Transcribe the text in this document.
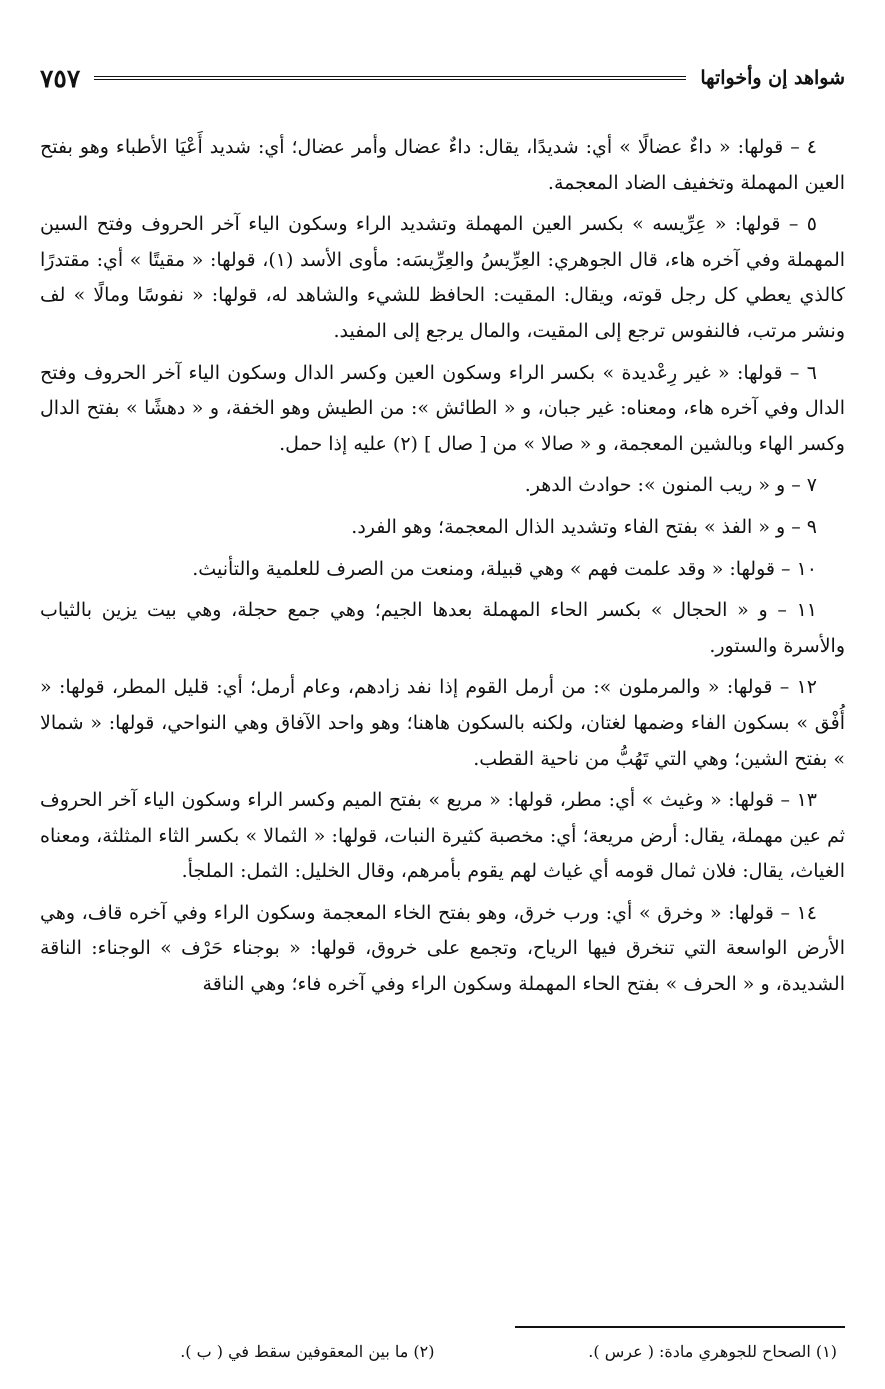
شواهد إن وأخواتها
٧٥٧

٤ – قولها: « داءٌ عضالًا » أي: شديدًا، يقال: داءٌ عضال وأمر عضال؛ أي: شديد أَعْيَا الأطباء وهو بفتح العين المهملة وتخفيف الضاد المعجمة.

٥ – قولها: « عِرِّيسه » بكسر العين المهملة وتشديد الراء وسكون الياء آخر الحروف وفتح السين المهملة وفي آخره هاء، قال الجوهري: العِرِّيسُ والعِرِّيسَه: مأوى الأسد (١)، قولها: « مقيتًا » أي: مقتدرًا كالذي يعطي كل رجل قوته، ويقال: المقيت: الحافظ للشيء والشاهد له، قولها: « نفوسًا ومالًا » لف ونشر مرتب، فالنفوس ترجع إلى المقيت، والمال يرجع إلى المفيد.

٦ – قولها: « غير رِعْديدة » بكسر الراء وسكون العين وكسر الدال وسكون الياء آخر الحروف وفتح الدال وفي آخره هاء، ومعناه: غير جبان، و « الطائش »: من الطيش وهو الخفة، و « دهشًا » بفتح الدال وكسر الهاء وبالشين المعجمة، و « صالا » من [ صال ] (٢) عليه إذا حمل.

٧ – و « ريب المنون »: حوادث الدهر.

٩ – و « الفذ » بفتح الفاء وتشديد الذال المعجمة؛ وهو الفرد.

١٠ – قولها: « وقد علمت فهم » وهي قبيلة، ومنعت من الصرف للعلمية والتأنيث.

١١ – و « الحجال » بكسر الحاء المهملة بعدها الجيم؛ وهي جمع حجلة، وهي بيت يزين بالثياب والأسرة والستور.

١٢ – قولها: « والمرملون »: من أرمل القوم إذا نفد زادهم، وعام أرمل؛ أي: قليل المطر، قولها: « أُفْق » بسكون الفاء وضمها لغتان، ولكنه بالسكون هاهنا؛ وهو واحد الآفاق وهي النواحي، قولها: « شمالا » بفتح الشين؛ وهي التي تَهُبُّ من ناحية القطب.

١٣ – قولها: « وغيث » أي: مطر، قولها: « مريع » بفتح الميم وكسر الراء وسكون الياء آخر الحروف ثم عين مهملة، يقال: أرض مريعة؛ أي: مخصبة كثيرة النبات، قولها: « الثمالا » بكسر الثاء المثلثة، ومعناه الغياث، يقال: فلان ثمال قومه أي غياث لهم يقوم بأمرهم، وقال الخليل: الثمل: الملجأ.

١٤ – قولها: « وخرق » أي: ورب خرق، وهو بفتح الخاء المعجمة وسكون الراء وفي آخره قاف، وهي الأرض الواسعة التي تنخرق فيها الرياح، وتجمع على خروق، قولها: « بوجناء حَرْف » الوجناء: الناقة الشديدة، و « الحرف » بفتح الحاء المهملة وسكون الراء وفي آخره فاء؛ وهي الناقة

(١) الصحاح للجوهري مادة: ( عرس ).
(٢) ما بين المعقوفين سقط في ( ب ).
